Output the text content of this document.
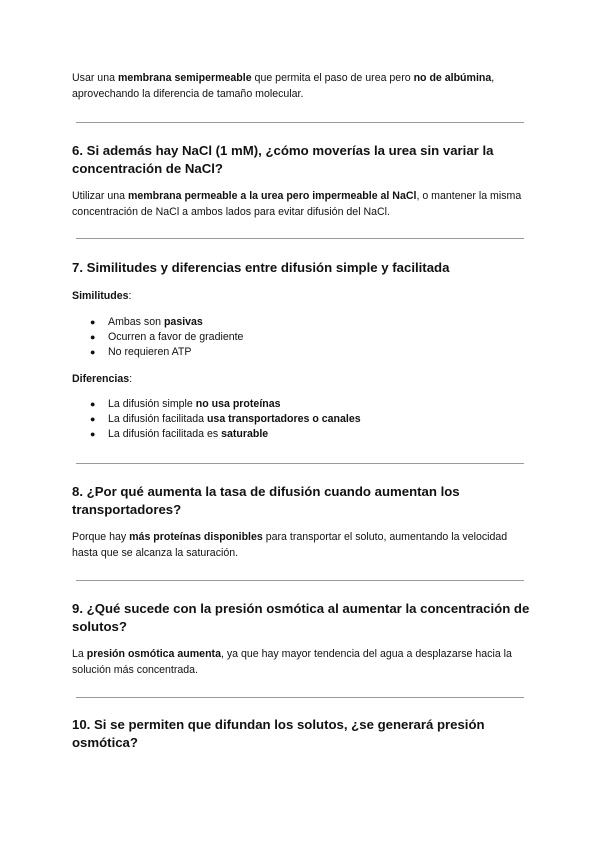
Usar una membrana semipermeable que permita el paso de urea pero no de albúmina,
aprovechando la diferencia de tamaño molecular.

6. Si además hay NaCl (1 mM), ¿cómo moverías la urea sin variar la concentración de NaCl?

Utilizar una membrana permeable a la urea pero impermeable al NaCl, o mantener la misma concentración de NaCl a ambos lados para evitar difusión del NaCl.

7. Similitudes y diferencias entre difusión simple y facilitada

Similitudes:

● Ambas son pasivas
● Ocurren a favor de gradiente
● No requieren ATP

Diferencias:

● La difusión simple no usa proteínas
● La difusión facilitada usa transportadores o canales
● La difusión facilitada es saturable
8. ¿Por qué aumenta la tasa de difusión cuando aumentan los transportadores?

Porque hay más proteínas disponibles para transportar el soluto, aumentando la velocidad hasta que se alcanza la saturación.

9. ¿Qué sucede con la presión osmótica al aumentar la concentración de solutos?

La presión osmótica aumenta, ya que hay mayor tendencia del agua a desplazarse hacia la solución más concentrada.

10. Si se permiten que difundan los solutos, ¿se generará presión osmótica?
